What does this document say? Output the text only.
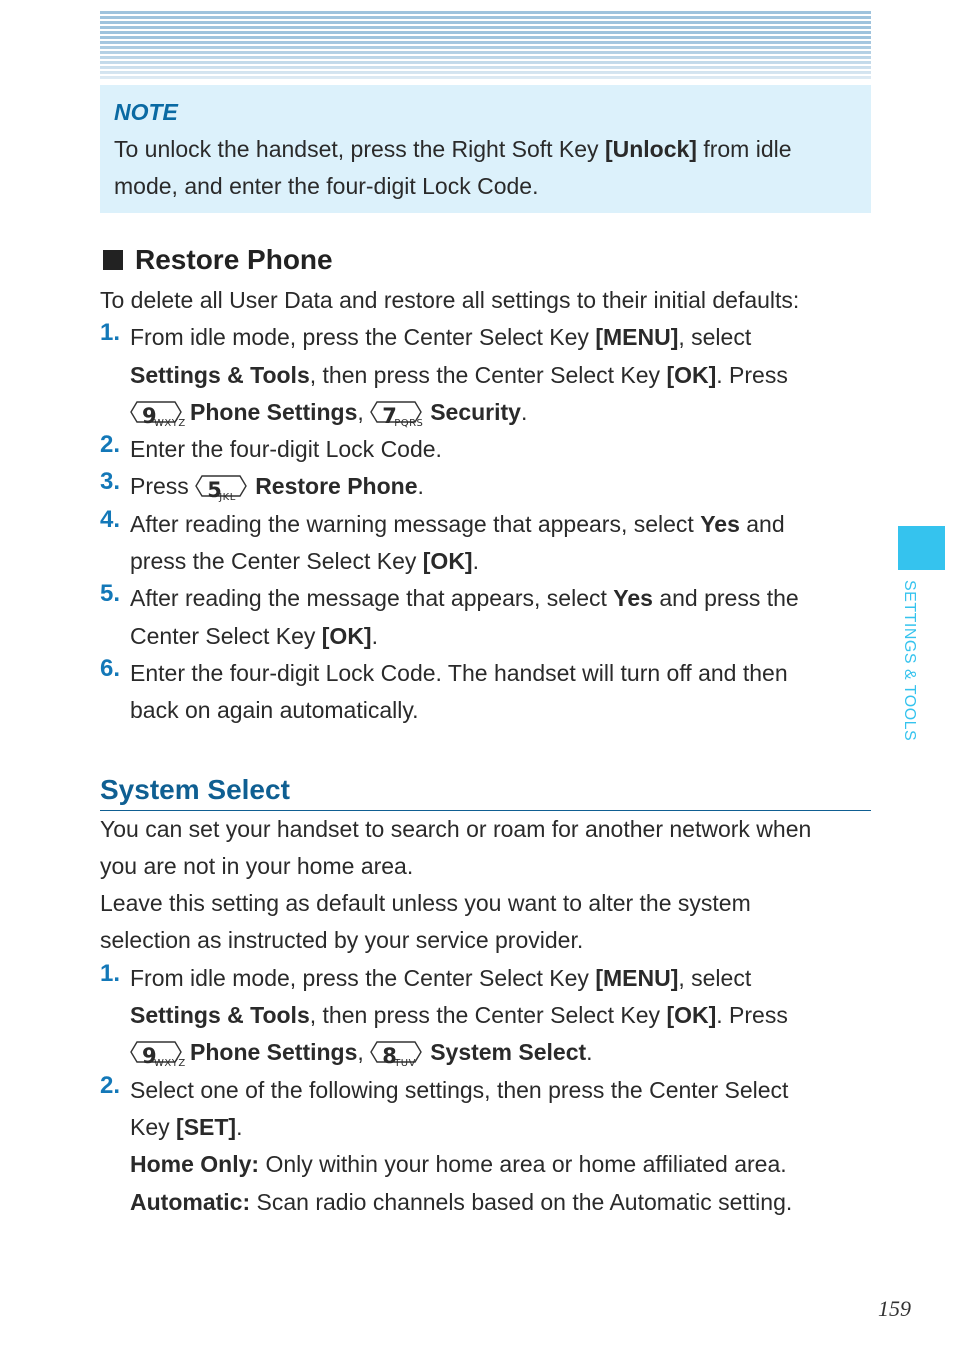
NOTE
To unlock the handset, press the Right Soft Key [Unlock] from idle
mode, and enter the four-digit Lock Code.
Restore Phone

To delete all User Data and restore all settings to their initial defaults:

1. From idle mode, press the Center Select Key [MENU], select
Settings & Tools, then press the Center Select Key [OK]. Press

9
WXYZ Phone Settings, 7
PQRS Security.

2. Enter the four-digit Lock Code.

3. Press 5
JKL Restore Phone.

4. After reading the warning message that appears, select Yes and
press the Center Select Key [OK].

5. After reading the message that appears, select Yes and press the
Center Select Key [OK].

6. Enter the four-digit Lock Code. The handset will turn off and then
back on again automatically.

System Select

You can set your handset to search or roam for another network when
you are not in your home area.

Leave this setting as default unless you want to alter the system
selection as instructed by your service provider.

1. From idle mode, press the Center Select Key [MENU], select
Settings & Tools, then press the Center Select Key [OK]. Press

9
WXYZ Phone Settings, 8
TUV System Select.

2. Select one of the following settings, then press the Center Select
Key [SET].
Home Only: Only within your home area or home affiliated area.
Automatic: Scan radio channels based on the Automatic setting.

SETTINGS & TOOLS
159
